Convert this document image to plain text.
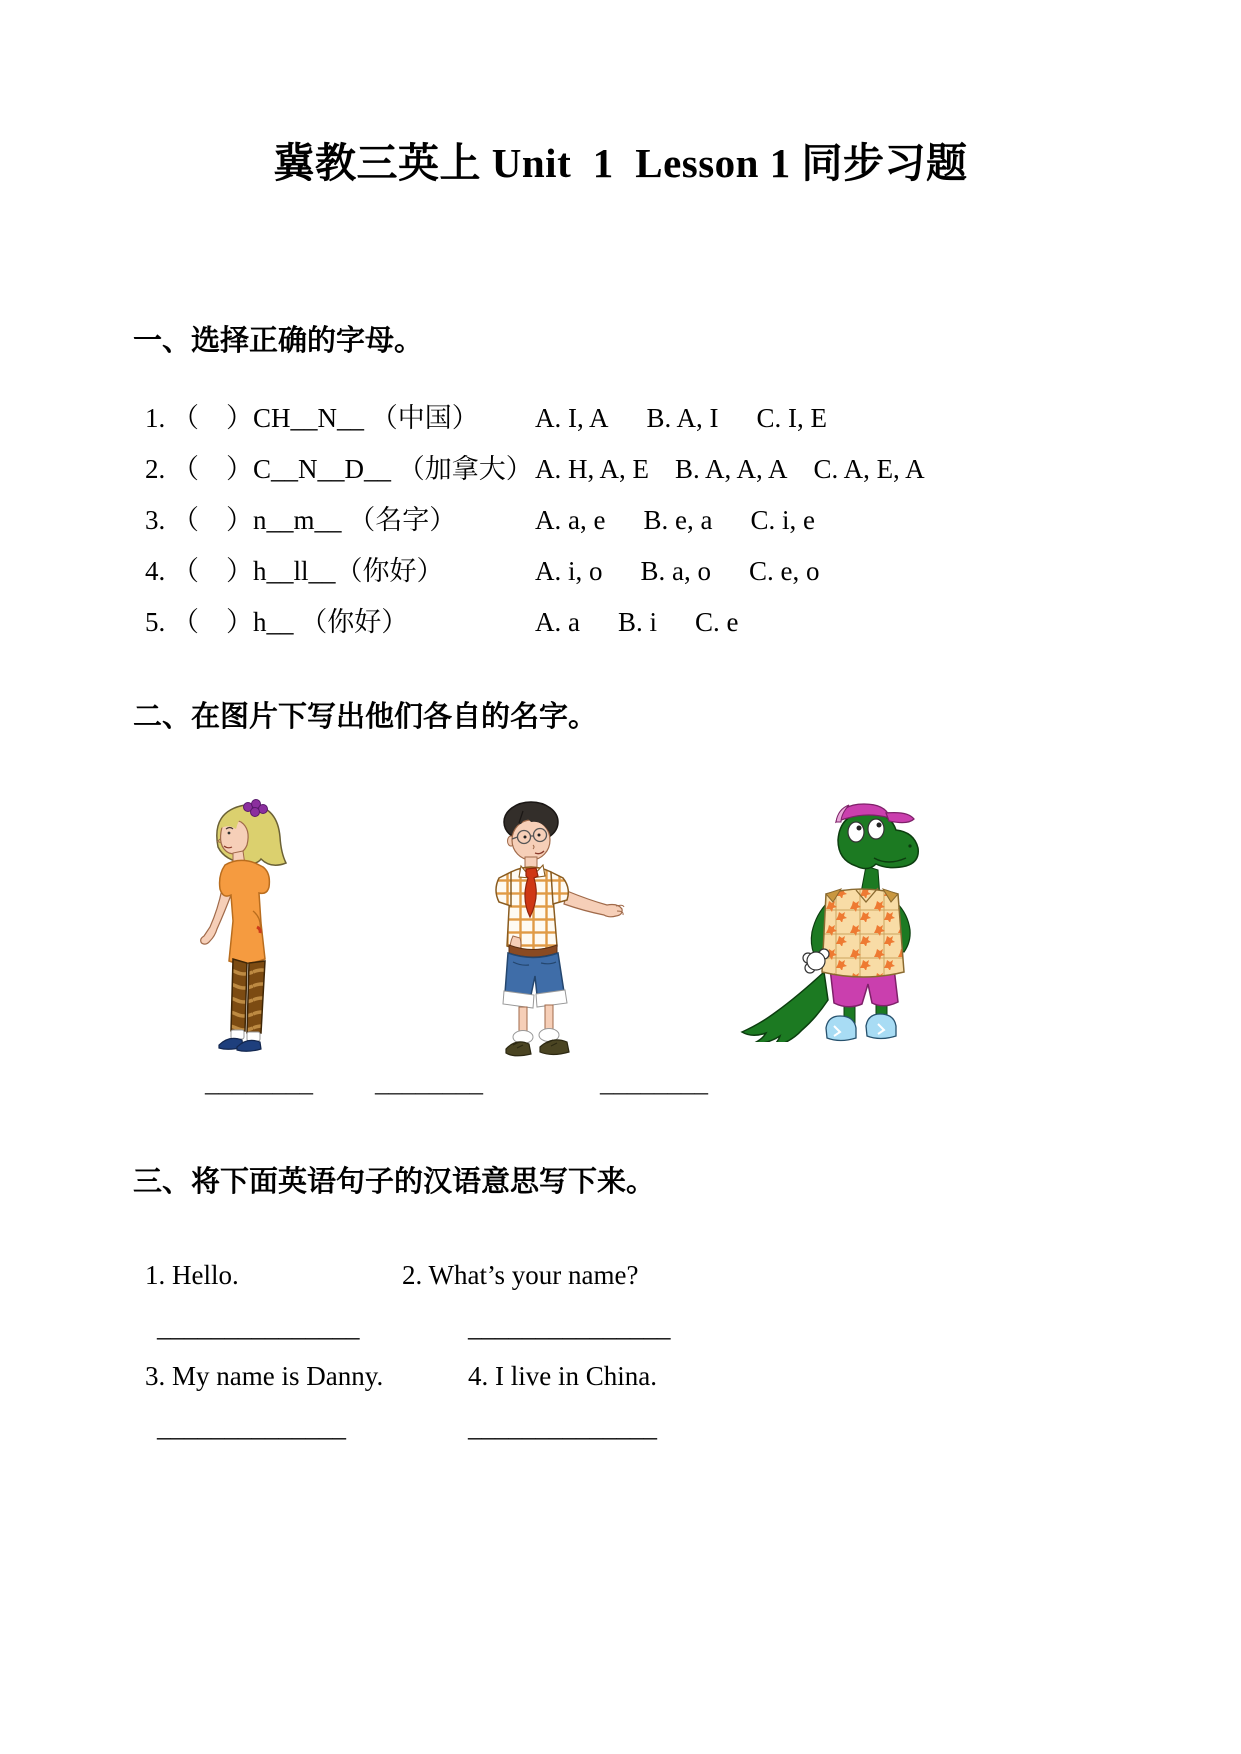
冀教三英上 Unit  1  Lesson 1 同步习题
一、选择正确的字母。
1. （　）CH__N__ （中国）	A. I, A B. A, I C. I, E
2. （　）C__N__D__ （加拿大） A. H, A, E B. A, A, A C. A, E, A
3. （　）n__m__ （名字）	A. a, e B. e, a C. i, e
4. （　）h__ll__（你好）	A. i, o B. a, o C. e, o
5. （　）h__ （你好）	A. a B. i C. e
二、在图片下写出他们各自的名字。
________ ________	________
三、将下面英语句子的汉语意思写下来。
1. Hello.	2. What’s your name?
_______________	_______________
3. My name is Danny.	4. I live in China.
______________	______________
